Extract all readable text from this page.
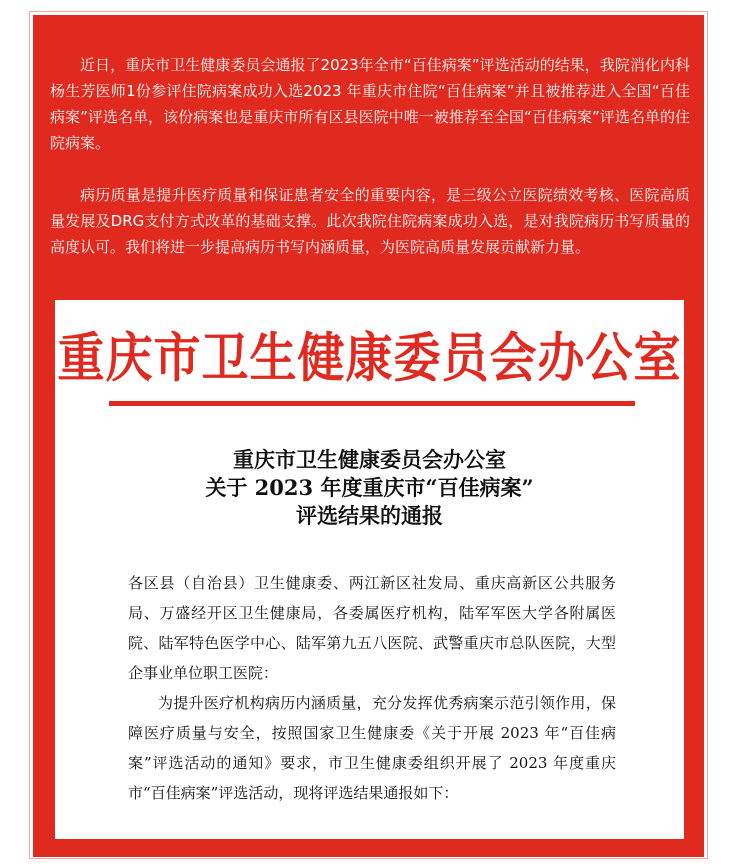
近日，重庆市卫生健康委员会通报了2023年全市“百佳病案”评选活动的结果，我院消化内科杨生芳医师1份参评住院病案成功入选2023 年重庆市住院“百佳病案”并且被推荐进入全国“百佳病案”评选名单，该份病案也是重庆市所有区县医院中唯一被推荐至全国“百佳病案”评选名单的住院病案。

病历质量是提升医疗质量和保证患者安全的重要内容，是三级公立医院绩效考核、医院高质量发展及DRG支付方式改革的基础支撑。此次我院住院病案成功入选，是对我院病历书写质量的高度认可。我们将进一步提高病历书写内涵质量，为医院高质量发展贡献新力量。

重庆市卫生健康委员会办公室
重庆市卫生健康委员会办公室
关于 2023 年度重庆市“百佳病案”
评选结果的通报

各区县（自治县）卫生健康委、两江新区社发局、重庆高新区公共服务局、万盛经开区卫生健康局，各委属医疗机构，陆军军医大学各附属医院、陆军特色医学中心、陆军第九五八医院、武警重庆市总队医院，大型企事业单位职工医院：

为提升医疗机构病历内涵质量，充分发挥优秀病案示范引领作用，保障医疗质量与安全，按照国家卫生健康委《关于开展 2023 年“百佳病案”评选活动的通知》要求，市卫生健康委组织开展了 2023 年度重庆市“百佳病案”评选活动，现将评选结果通报如下：
